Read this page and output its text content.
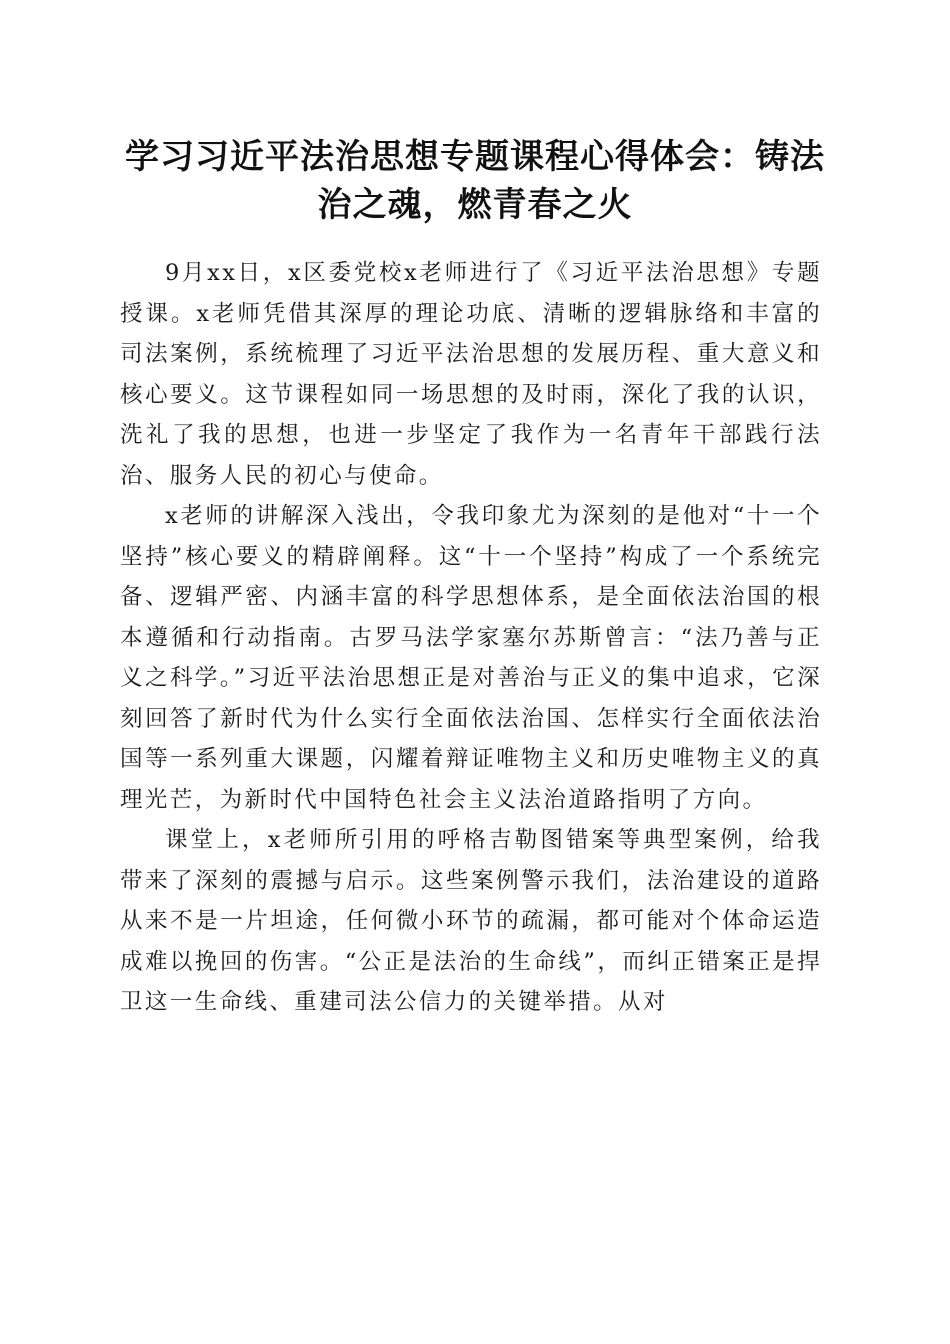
学习习近平法治思想专题课程心得体会：铸法治之魂，燃青春之火

9月xx日，x区委党校x老师进行了《习近平法治思想》专题授课。x老师凭借其深厚的理论功底、清晰的逻辑脉络和丰富的司法案例，系统梳理了习近平法治思想的发展历程、重大意义和核心要义。这节课程如同一场思想的及时雨，深化了我的认识，洗礼了我的思想，也进一步坚定了我作为一名青年干部践行法治、服务人民的初心与使命。

x老师的讲解深入浅出，令我印象尤为深刻的是他对“十一个坚持”核心要义的精辟阐释。这“十一个坚持”构成了一个系统完备、逻辑严密、内涵丰富的科学思想体系，是全面依法治国的根本遵循和行动指南。古罗马法学家塞尔苏斯曾言：“法乃善与正义之科学。”习近平法治思想正是对善治与正义的集中追求，它深刻回答了新时代为什么实行全面依法治国、怎样实行全面依法治国等一系列重大课题，闪耀着辩证唯物主义和历史唯物主义的真理光芒，为新时代中国特色社会主义法治道路指明了方向。

课堂上，x老师所引用的呼格吉勒图错案等典型案例，给我带来了深刻的震撼与启示。这些案例警示我们，法治建设的道路从来不是一片坦途，任何微小环节的疏漏，都可能对个体命运造成难以挽回的伤害。“公正是法治的生命线”，而纠正错案正是捍卫这一生命线、重建司法公信力的关键举措。从对
